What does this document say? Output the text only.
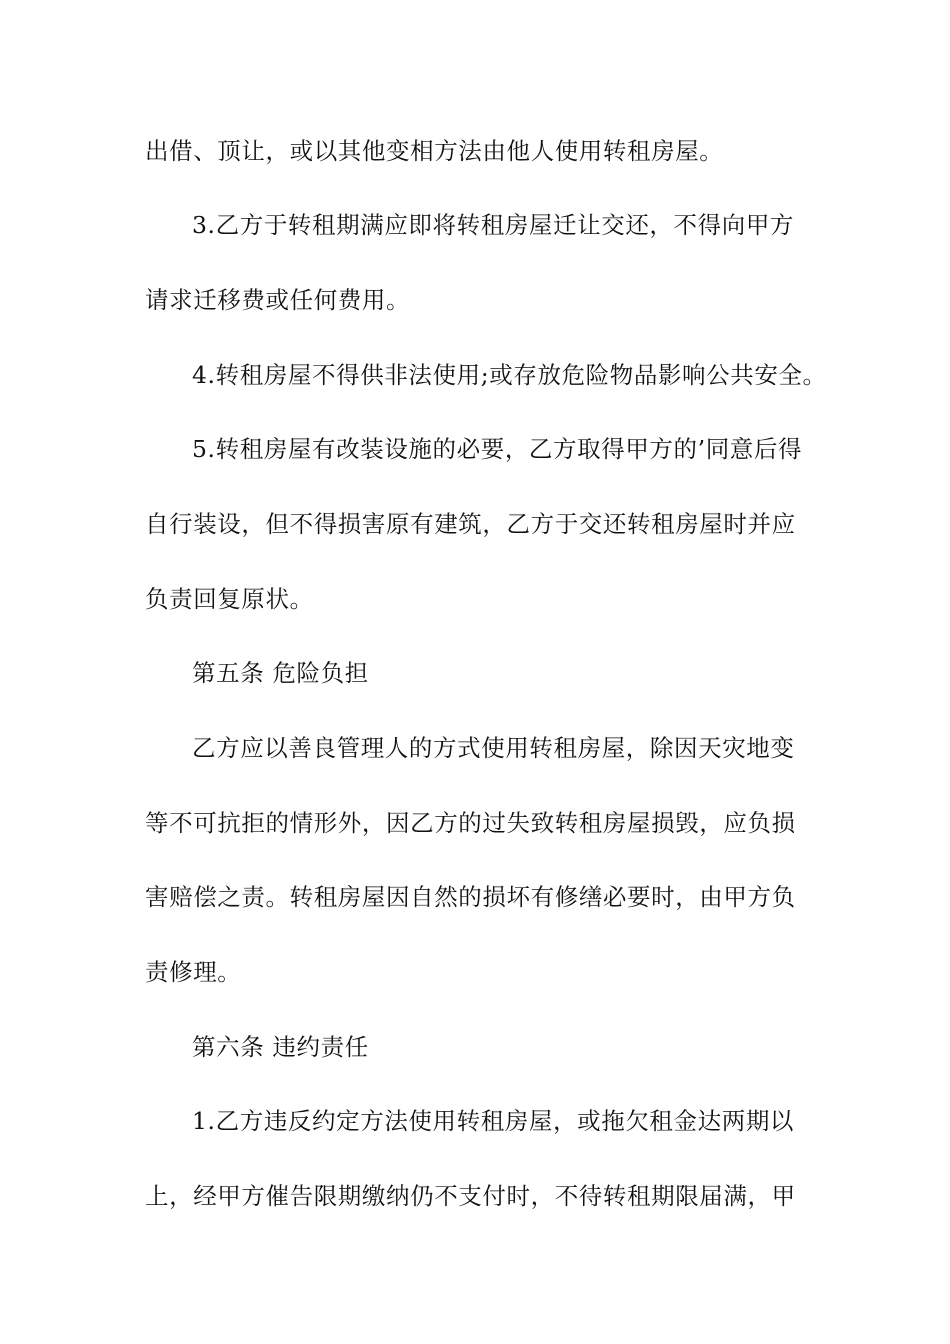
出借、顶让，或以其他变相方法由他人使用转租房屋。
3.乙方于转租期满应即将转租房屋迁让交还，不得向甲方
请求迁移费或任何费用。
4.转租房屋不得供非法使用;或存放危险物品影响公共安全。
5.转租房屋有改装设施的必要，乙方取得甲方的’同意后得
自行装设，但不得损害原有建筑，乙方于交还转租房屋时并应
负责回复原状。
第五条 危险负担
乙方应以善良管理人的方式使用转租房屋，除因天灾地变
等不可抗拒的情形外，因乙方的过失致转租房屋损毁，应负损
害赔偿之责。转租房屋因自然的损坏有修缮必要时，由甲方负
责修理。
第六条 违约责任
1.乙方违反约定方法使用转租房屋，或拖欠租金达两期以
上，经甲方催告限期缴纳仍不支付时，不待转租期限届满，甲
